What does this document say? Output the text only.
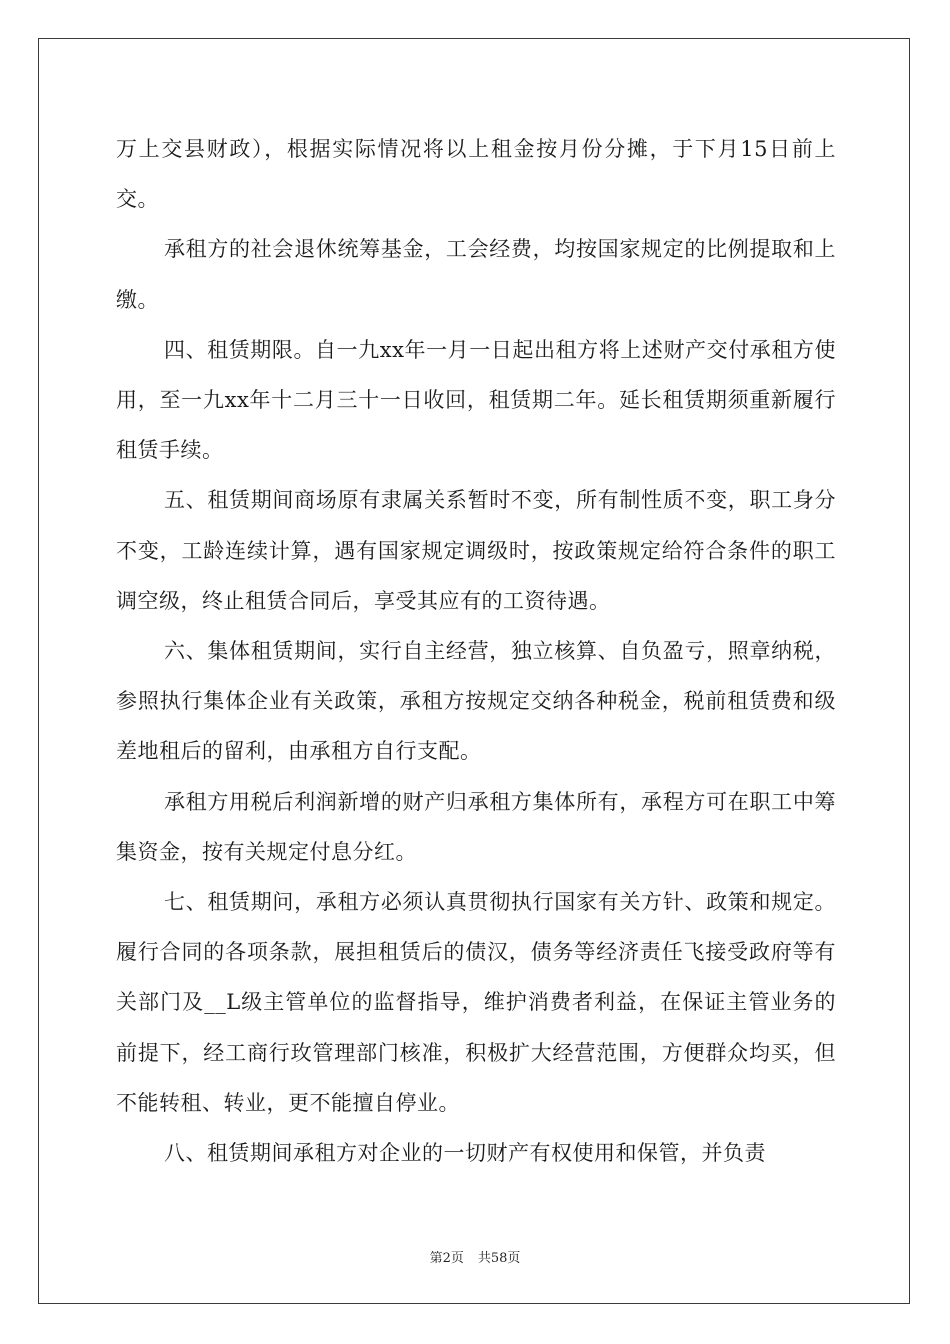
万上交县财政），根据实际情况将以上租金按月份分摊，于下月15日前上交。

承租方的社会退休统筹基金，工会经费，均按国家规定的比例提取和上缴。

四、租赁期限。自一九xx年一月一日起出租方将上述财产交付承租方使用，至一九xx年十二月三十一日收回，租赁期二年。延长租赁期须重新履行租赁手续。

五、租赁期间商场原有隶属关系暂时不变，所有制性质不变，职工身分不变，工龄连续计算，遇有国家规定调级时，按政策规定给符合条件的职工调空级，终止租赁合同后，享受其应有的工资待遇。

六、集体租赁期间，实行自主经营，独立核算、自负盈亏，照章纳税，参照执行集体企业有关政策，承租方按规定交纳各种税金，税前租赁费和级差地租后的留利，由承租方自行支配。

承租方用税后利润新增的财产归承租方集体所有，承程方可在职工中筹集资金，按有关规定付息分红。

七、租赁期问，承租方必须认真贯彻执行国家有关方针、政策和规定。履行合同的各项条款，展担租赁后的债汉，债务等经济责任飞接受政府等有关部门及__L级主管单位的监督指导，维护消费者利益，在保证主管业务的前提下，经工商行玫管理部门核准，积极扩大经营范围，方便群众均买，但不能转租、转业，更不能擅自停业。

八、租赁期间承租方对企业的一切财产有权使用和保管，并负责

第2页 共58页
